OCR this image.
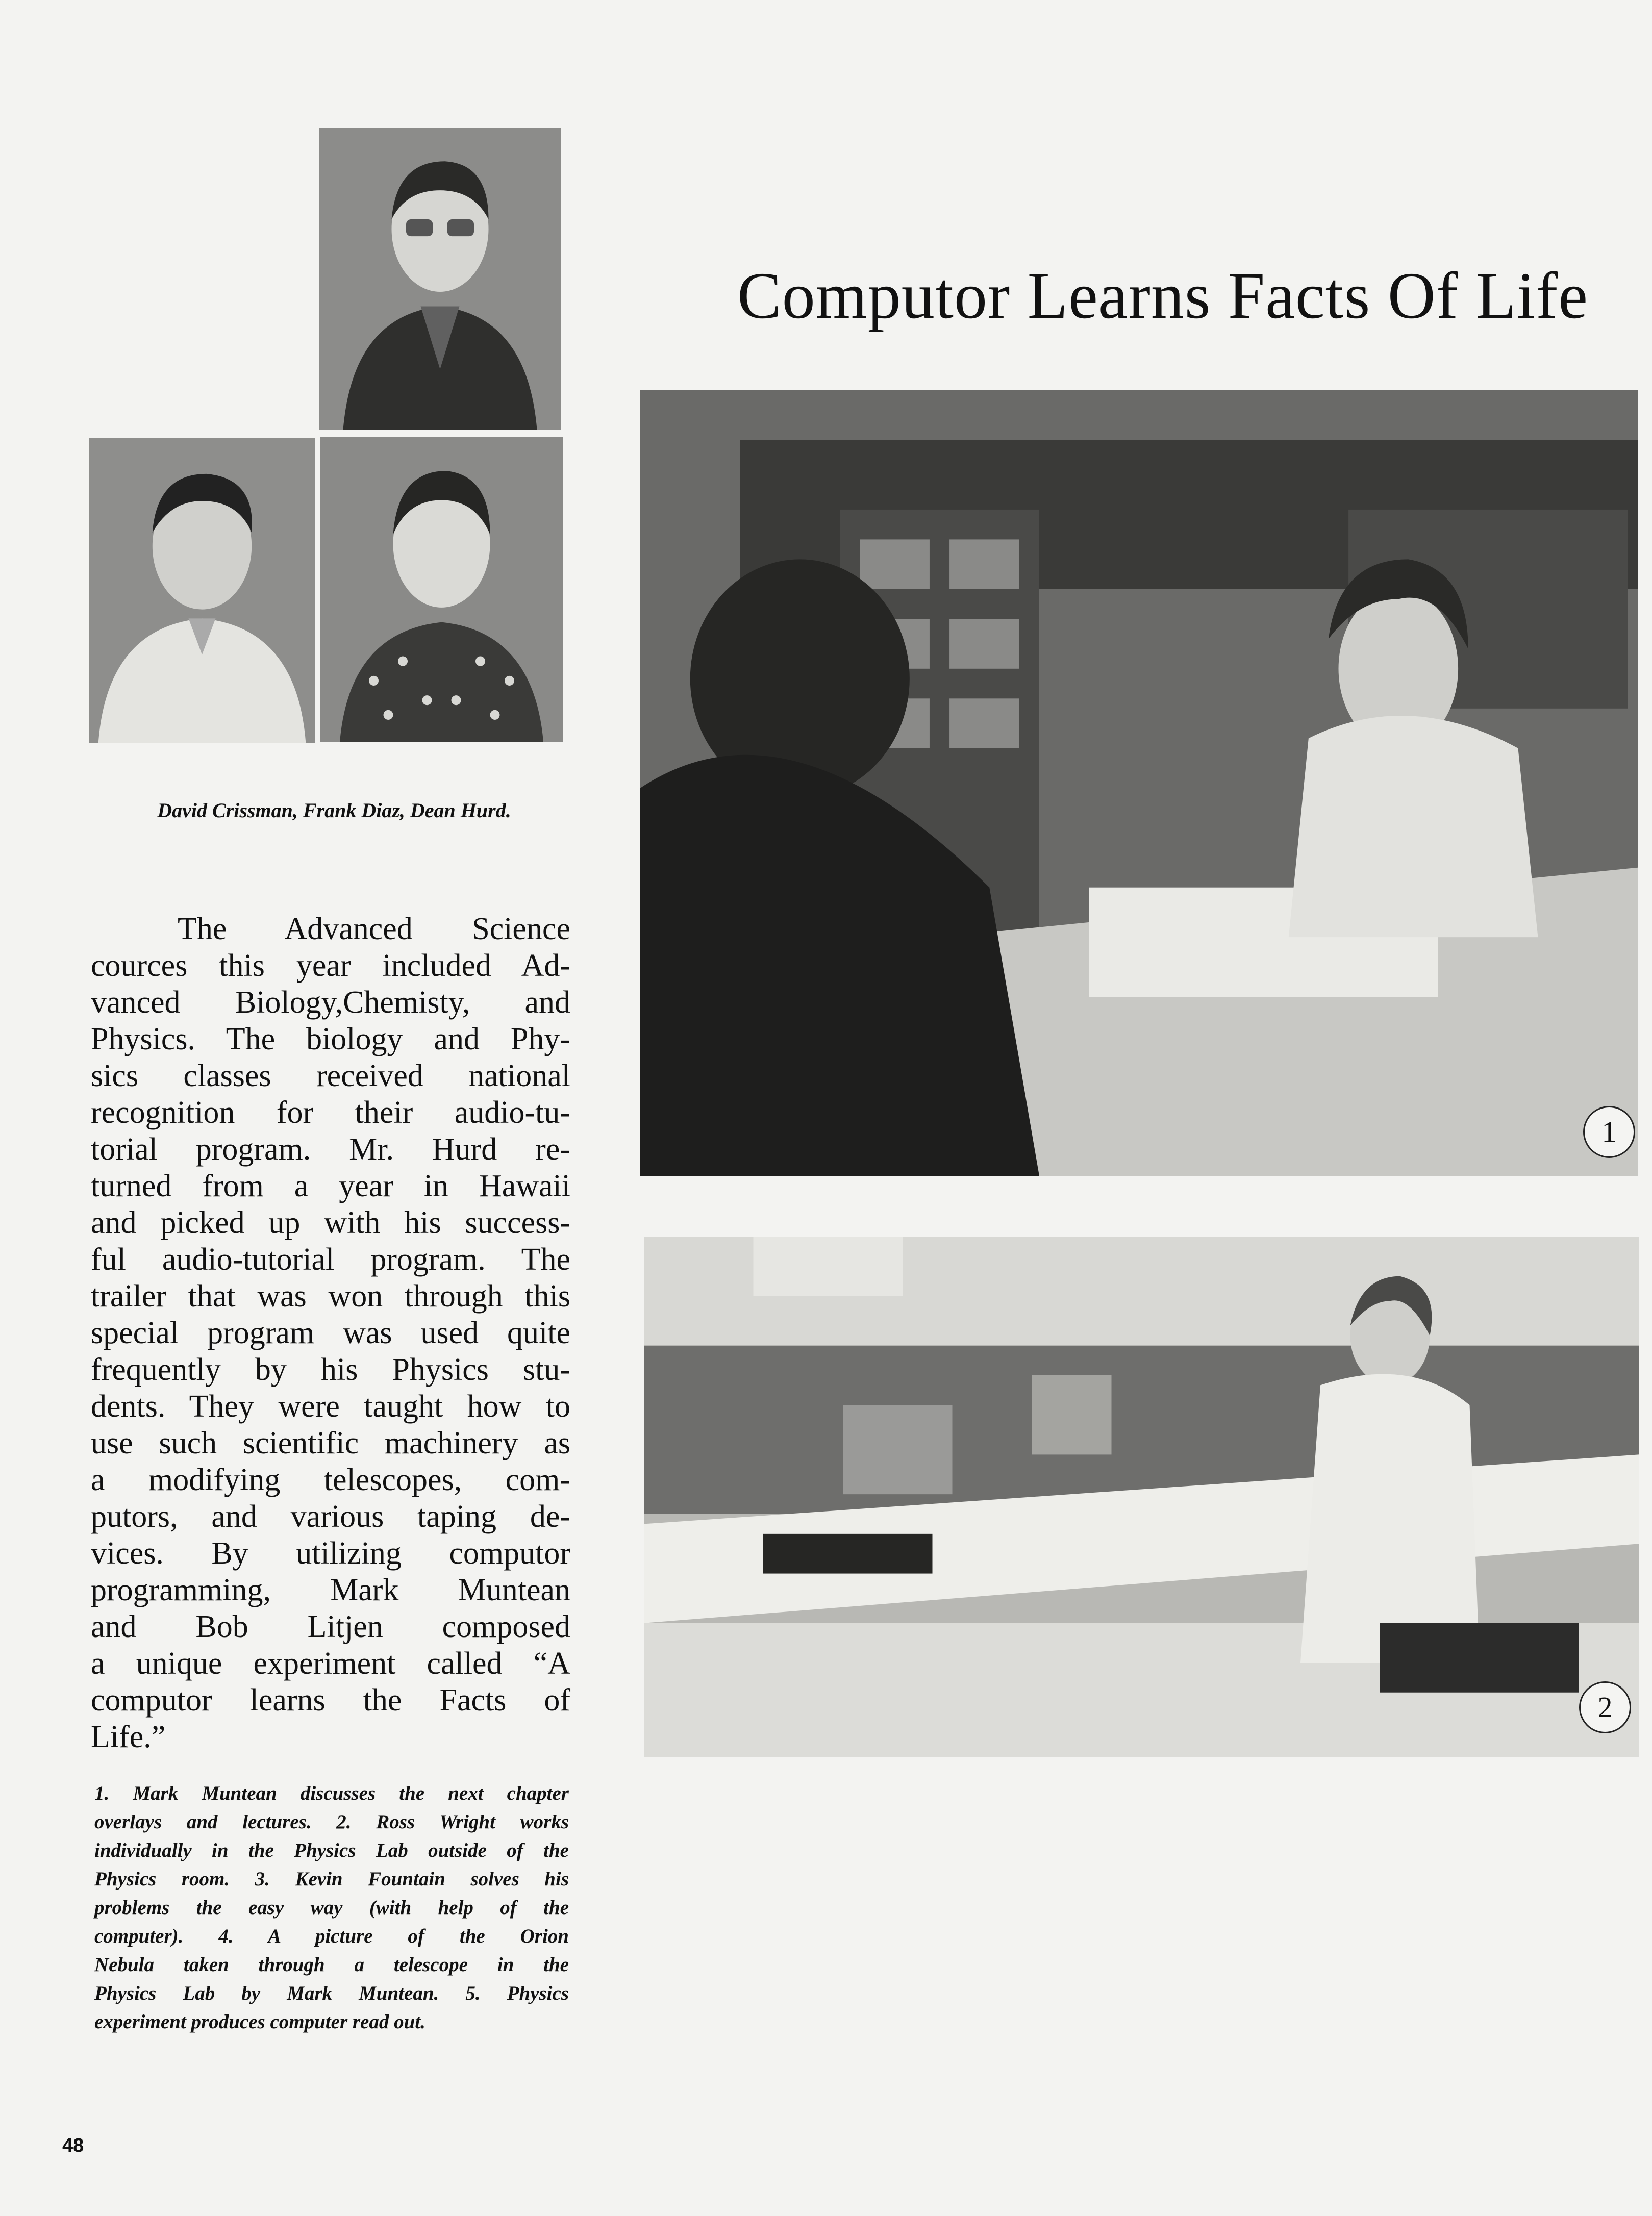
David Crissman, Frank Diaz, Dean Hurd.
Computor Learns Facts Of Life
1
2

The Advanced Science
cources this year included Ad-
vanced Biology,Chemisty, and
Physics. The biology and Phy-
sics classes received national
recognition for their audio-tu-
torial program. Mr. Hurd re-
turned from a year in Hawaii
and picked up with his success-
ful audio-tutorial program. The
trailer that was won through this
special program was used quite
frequently by his Physics stu-
dents. They were taught how to
use such scientific machinery as
a modifying telescopes, com-
putors, and various taping de-
vices. By utilizing computor
programming, Mark Muntean
and Bob Litjen composed
a unique experiment called “A
computor learns the Facts of
Life.”

1. Mark Muntean discusses the next chapter
overlays and lectures. 2. Ross Wright works
individually in the Physics Lab outside of the
Physics room. 3. Kevin Fountain solves his
problems the easy way (with help of the
computer). 4. A picture of the Orion
Nebula taken through a telescope in the
Physics Lab by Mark Muntean. 5. Physics
experiment produces computer read out.

48
